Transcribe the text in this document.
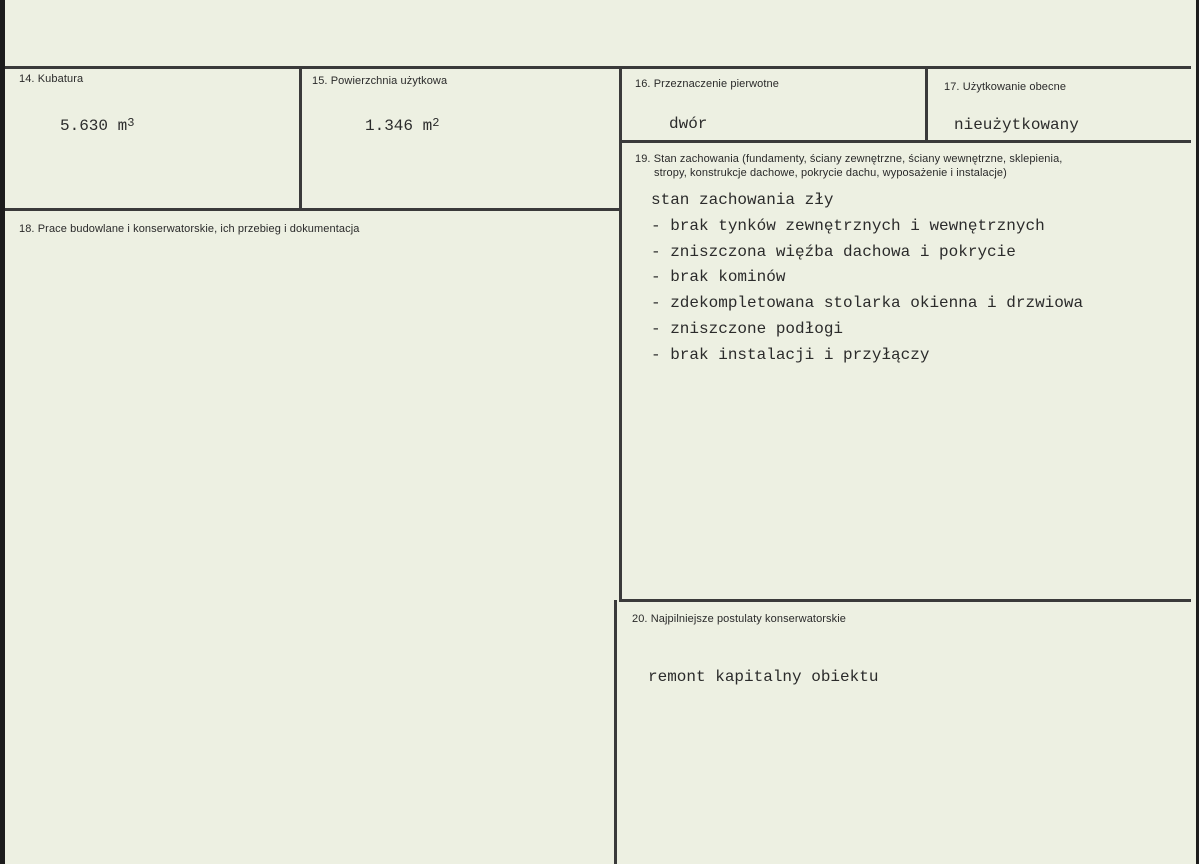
14. Kubatura
5.630 $m^3$
15. Powierzchnia użytkowa
1.346 $m^2$
16. Przeznaczenie pierwotne
dwór
17. Użytkowanie obecne
nieużytkowany
18. Prace budowlane i konserwatorskie, ich przebieg i dokumentacja
19. Stan zachowania (fundamenty, ściany zewnętrzne, ściany wewnętrzne, sklepienia,
stropy, konstrukcje dachowe, pokrycie dachu, wyposażenie i instalacje)
stan zachowania zły
- brak tynków zewnętrznych i wewnętrznych
- zniszczona więźba dachowa i pokrycie
- brak kominów
- zdekompletowana stolarka okienna i drzwiowa
- zniszczone podłogi
- brak instalacji i przyłączy
20. Najpilniejsze postulaty konserwatorskie
remont kapitalny obiektu
